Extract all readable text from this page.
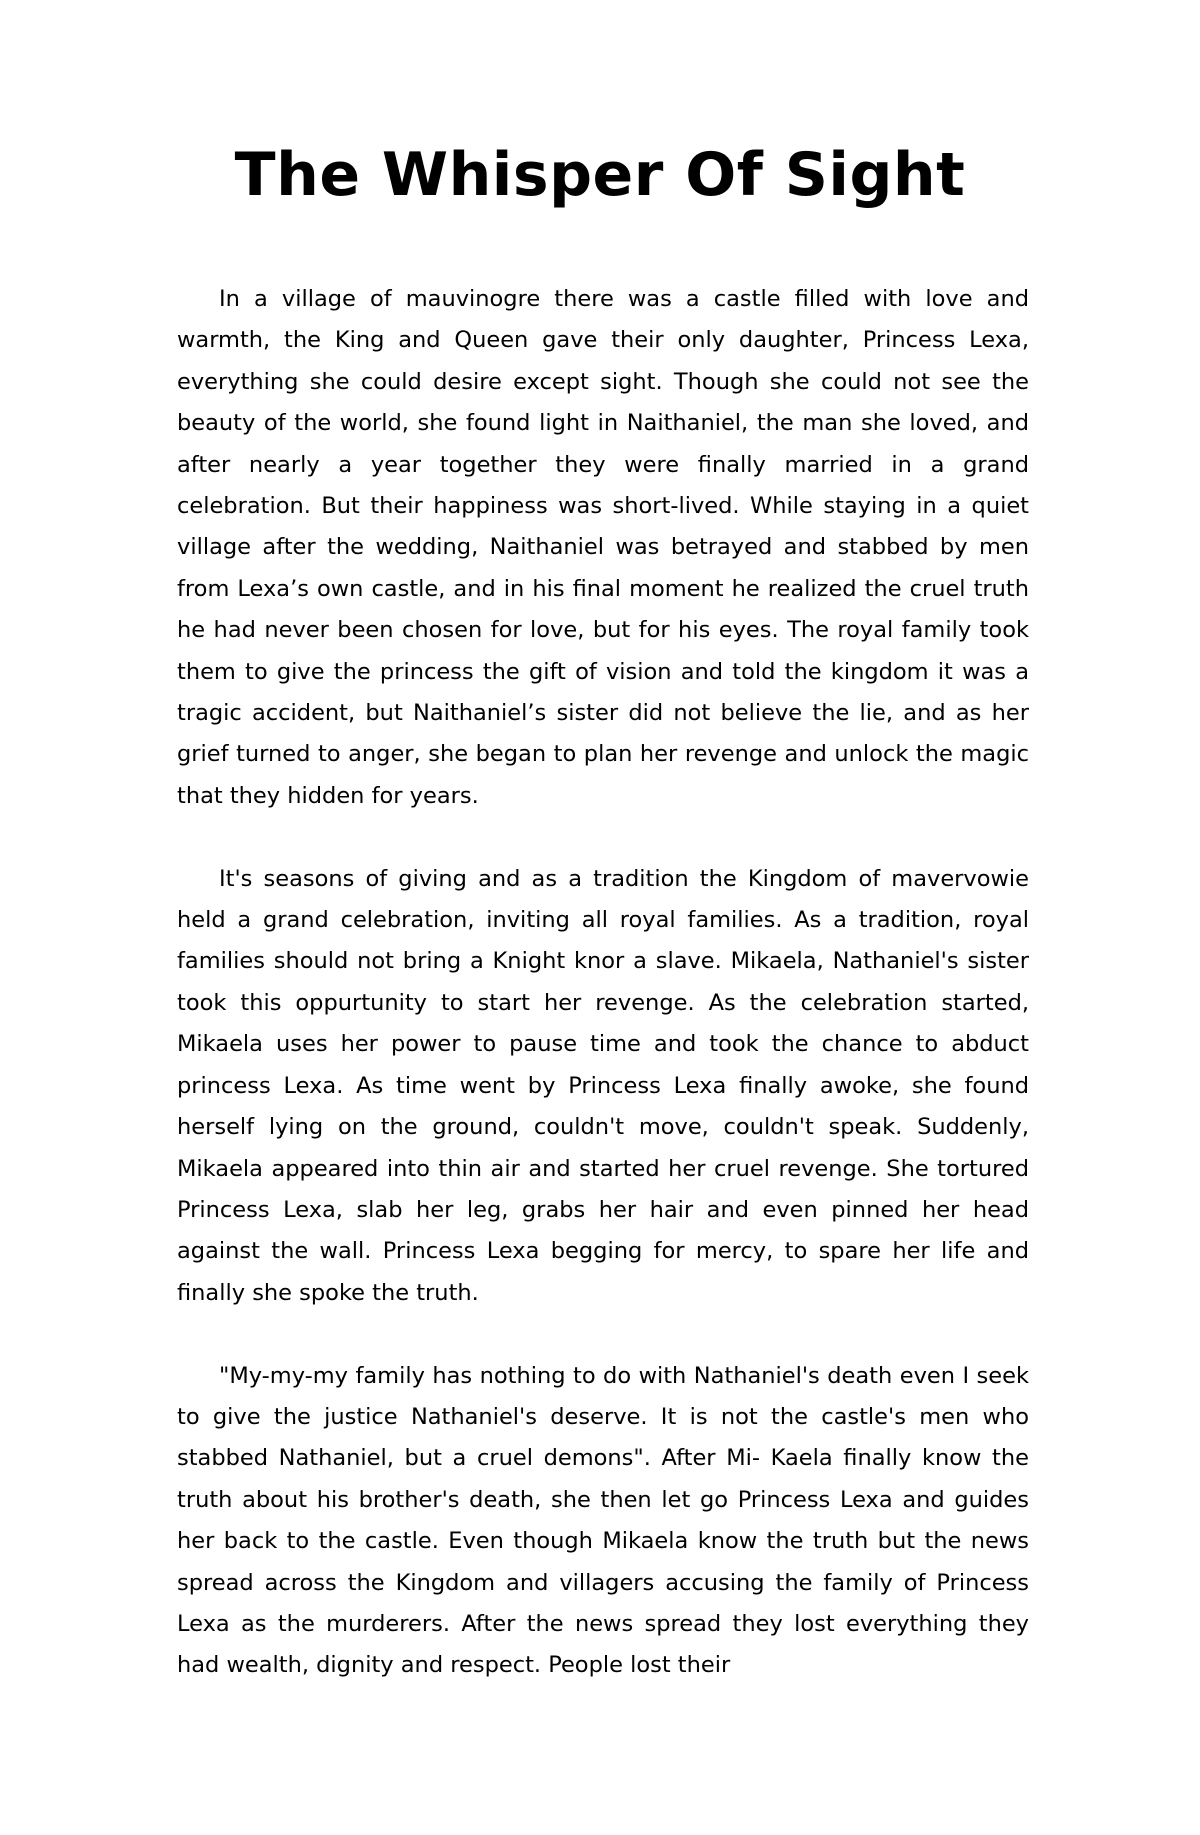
The Whisper Of Sight

In a village of mauvinogre there was a castle filled with love and warmth, the King and Queen gave their only daughter, Princess Lexa, everything she could desire except sight. Though she could not see the beauty of the world, she found light in Naithaniel, the man she loved, and after nearly a year together they were finally married in a grand celebration. But their happiness was short-lived. While staying in a quiet village after the wedding, Naithaniel was betrayed and stabbed by men from Lexa’s own castle, and in his final moment he realized the cruel truth he had never been chosen for love, but for his eyes. The royal family took them to give the princess the gift of vision and told the kingdom it was a tragic accident, but Naithaniel’s sister did not believe the lie, and as her grief turned to anger, she began to plan her revenge and unlock the magic that they hidden for years.

It's seasons of giving and as a tradition the Kingdom of mavervowie held a grand celebration, inviting all royal families. As a tradition, royal families should not bring a Knight knor a slave. Mikaela, Nathaniel's sister took this oppurtunity to start her revenge. As the celebration started, Mikaela uses her power to pause time and took the chance to abduct princess Lexa. As time went by Princess Lexa finally awoke, she found herself lying on the ground, couldn't move, couldn't speak. Suddenly, Mikaela appeared into thin air and started her cruel revenge. She tortured Princess Lexa, slab her leg, grabs her hair and even pinned her head against the wall. Princess Lexa begging for mercy, to spare her life and finally she spoke the truth.

"My-my-my family has nothing to do with Nathaniel's death even I seek to give the justice Nathaniel's deserve. It is not the castle's men who stabbed Nathaniel, but a cruel demons". After Mi- Kaela finally know the truth about his brother's death, she then let go Princess Lexa and guides her back to the castle. Even though Mikaela know the truth but the news spread across the Kingdom and villagers accusing the family of Princess Lexa as the murderers. After the news spread they lost everything they had wealth, dignity and respect. People lost their
